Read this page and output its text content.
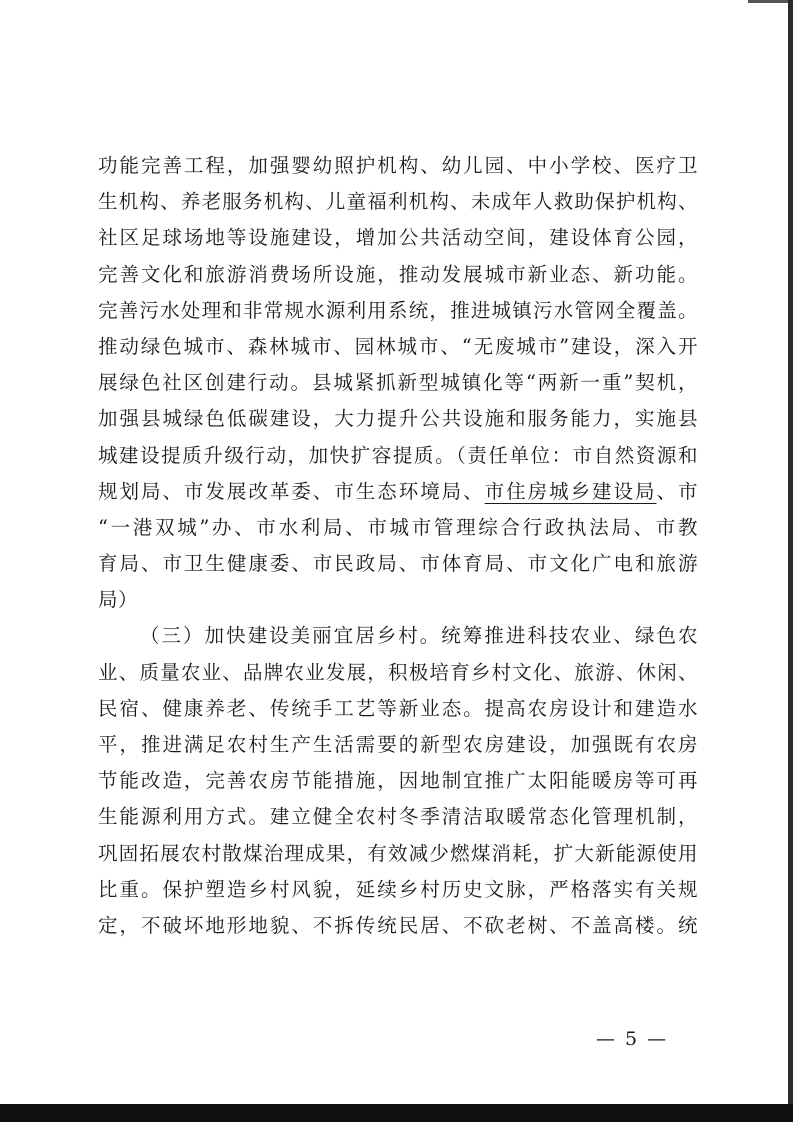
功能完善工程，加强婴幼照护机构、幼儿园、中小学校、医疗卫
生机构、养老服务机构、儿童福利机构、未成年人救助保护机构、
社区足球场地等设施建设，增加公共活动空间，建设体育公园，
完善文化和旅游消费场所设施，推动发展城市新业态、新功能。
完善污水处理和非常规水源利用系统，推进城镇污水管网全覆盖。
推动绿色城市、森林城市、园林城市、“无废城市”建设，深入开
展绿色社区创建行动。县城紧抓新型城镇化等“两新一重”契机，
加强县城绿色低碳建设，大力提升公共设施和服务能力，实施县
城建设提质升级行动，加快扩容提质。（责任单位：市自然资源和
规划局、市发展改革委、市生态环境局、市住房城乡建设局、市
“一港双城”办、市水利局、市城市管理综合行政执法局、市教
育局、市卫生健康委、市民政局、市体育局、市文化广电和旅游
局）
（三）加快建设美丽宜居乡村。统筹推进科技农业、绿色农
业、质量农业、品牌农业发展，积极培育乡村文化、旅游、休闲、
民宿、健康养老、传统手工艺等新业态。提高农房设计和建造水
平，推进满足农村生产生活需要的新型农房建设，加强既有农房
节能改造，完善农房节能措施，因地制宜推广太阳能暖房等可再
生能源利用方式。建立健全农村冬季清洁取暖常态化管理机制，
巩固拓展农村散煤治理成果，有效减少燃煤消耗，扩大新能源使用
比重。保护塑造乡村风貌，延续乡村历史文脉，严格落实有关规
定，不破坏地形地貌、不拆传统民居、不砍老树、不盖高楼。统
— 5 —
